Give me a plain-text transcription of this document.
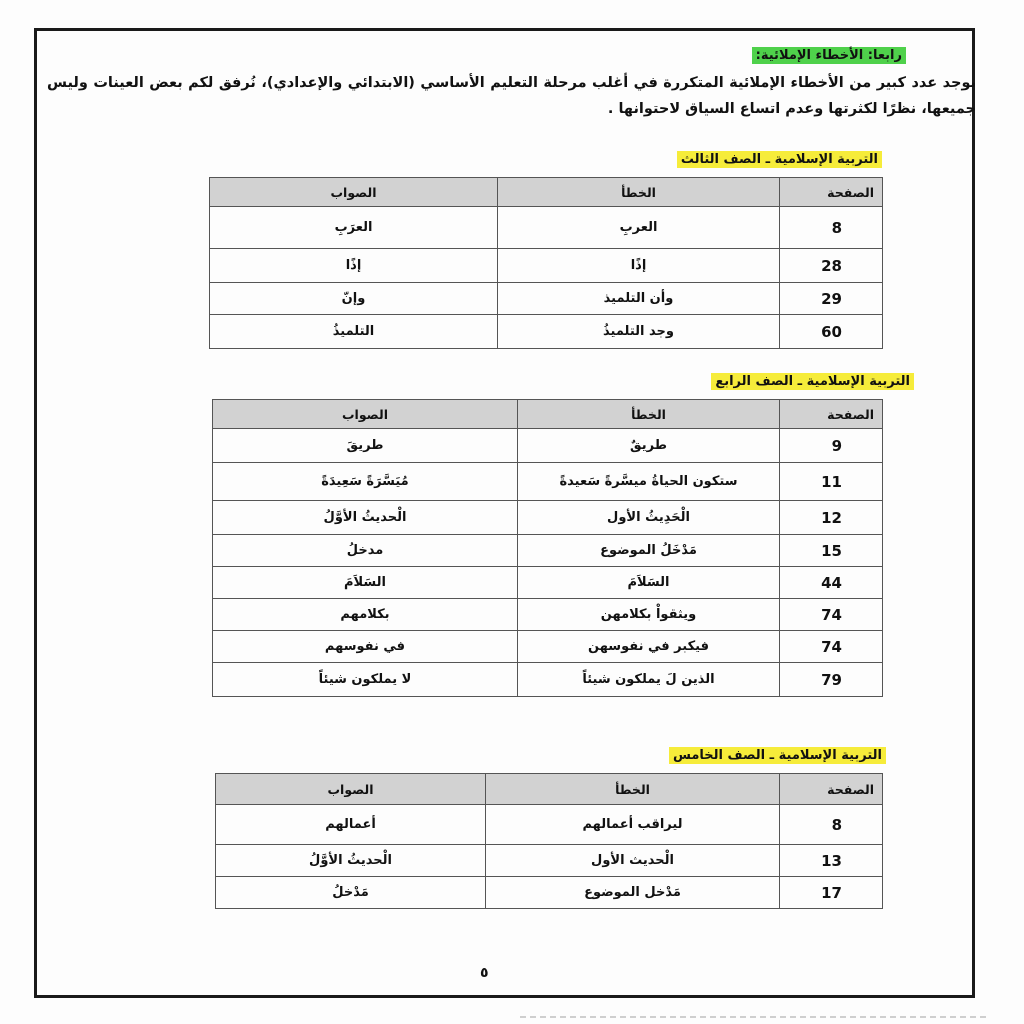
رابعا: الأخطاء الإملائية:
يوجد عدد كبير من الأخطاء الإملائية المتكررة في أغلب مرحلة التعليم الأساسي (الابتدائي والإعدادي)، نُرفق لكم بعض العينات وليس جميعها، نظرًا لكثرتها وعدم اتساع السياق لاحتوانها .
التربية الإسلامية ـ الصف الثالث
الصفحة	الخطأ	الصواب
8	العربِ	العرَبِ
28	إذًا	إذًا
29	وأن التلميذ	وإنّ
60	وجد التلميذُ	التلميذُ
التربية الإسلامية ـ الصف الرابع
الصفحة	الخطأ	الصواب
9	طريقٌ	طريقَ
11	ستكون الحياةُ ميسَّرةً سَعيدةً	مُيَسَّرَةً سَعِيدَةً
12	الْحَدِيثُ الأول	الْحديثُ الأوَّلُ
15	مَدْخَلُ الموضوع	مدخلُ
44	السَلاَمَ	السَلاَمَ
74	ويثقواْ بكلامهن	بكلامهم
74	فيكبر في نفوسهن	في نفوسهم
79	الذين لَ يملكون شيئاً	لا يملكون شيئاً
التربية الإسلامية ـ الصف الخامس
الصفحة	الخطأ	الصواب
8	ليراقب أعمالهم	أعمالهم
13	الْحديث الأول	الْحديثُ الأوَّلُ
17	مَدْخل الموضوع	مَدْخلُ
٥
